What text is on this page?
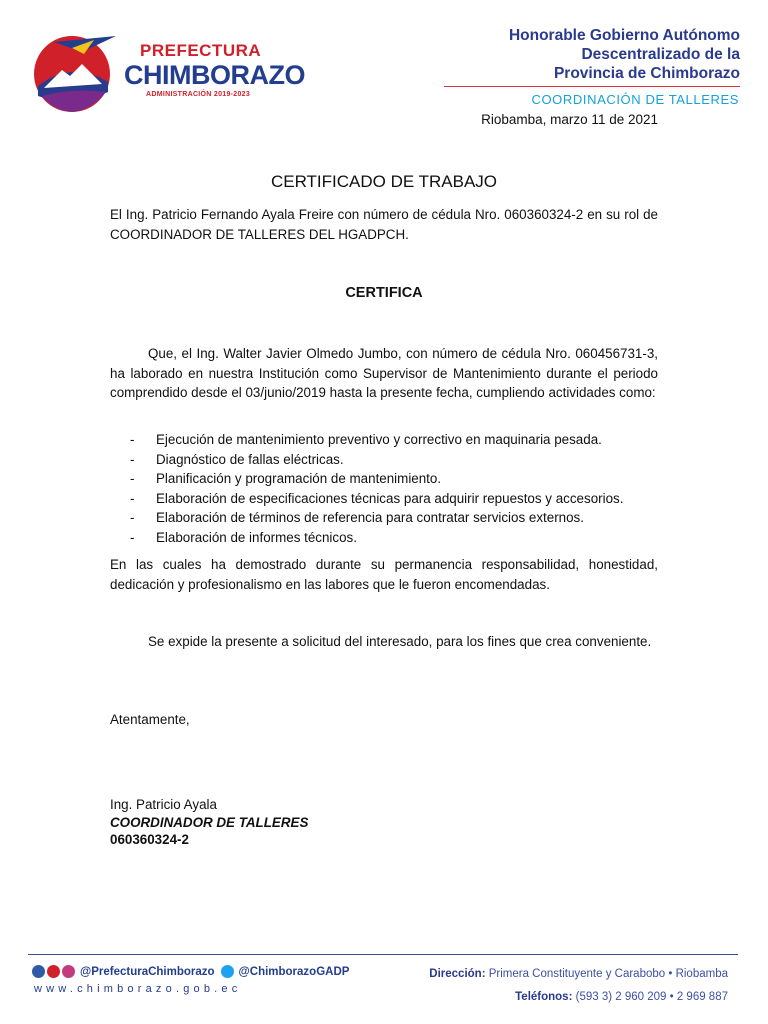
PREFECTURA
CHIMBORAZO
ADMINISTRACIÓN 2019-2023
Honorable Gobierno Autónomo
Descentralizado de la
Provincia de Chimborazo
COORDINACIÓN DE TALLERES
Riobamba, marzo 11 de 2021
CERTIFICADO DE TRABAJO
El Ing. Patricio Fernando Ayala Freire con número de cédula Nro. 060360324-2 en su rol de COORDINADOR DE TALLERES DEL HGADPCH.
CERTIFICA
Que, el Ing. Walter Javier Olmedo Jumbo, con número de cédula Nro. 060456731-3, ha laborado en nuestra Institución como Supervisor de Mantenimiento durante el periodo comprendido desde el 03/junio/2019 hasta la presente fecha, cumpliendo actividades como:
- Ejecución de mantenimiento preventivo y correctivo en maquinaria pesada.
- Diagnóstico de fallas eléctricas.
- Planificación y programación de mantenimiento.
- Elaboración de especificaciones técnicas para adquirir repuestos y accesorios.
- Elaboración de términos de referencia para contratar servicios externos.
- Elaboración de informes técnicos.
En las cuales ha demostrado durante su permanencia responsabilidad, honestidad, dedicación y profesionalismo en las labores que le fueron encomendadas.
Se expide la presente a solicitud del interesado, para los fines que crea conveniente.
Atentamente,
Ing. Patricio Ayala
COORDINADOR DE TALLERES
060360324-2
@PrefecturaChimborazo @ChimborazoGADP
www.chimborazo.gob.ec
Dirección: Primera Constituyente y Carabobo • Riobamba
Teléfonos: (593 3) 2 960 209 • 2 969 887
